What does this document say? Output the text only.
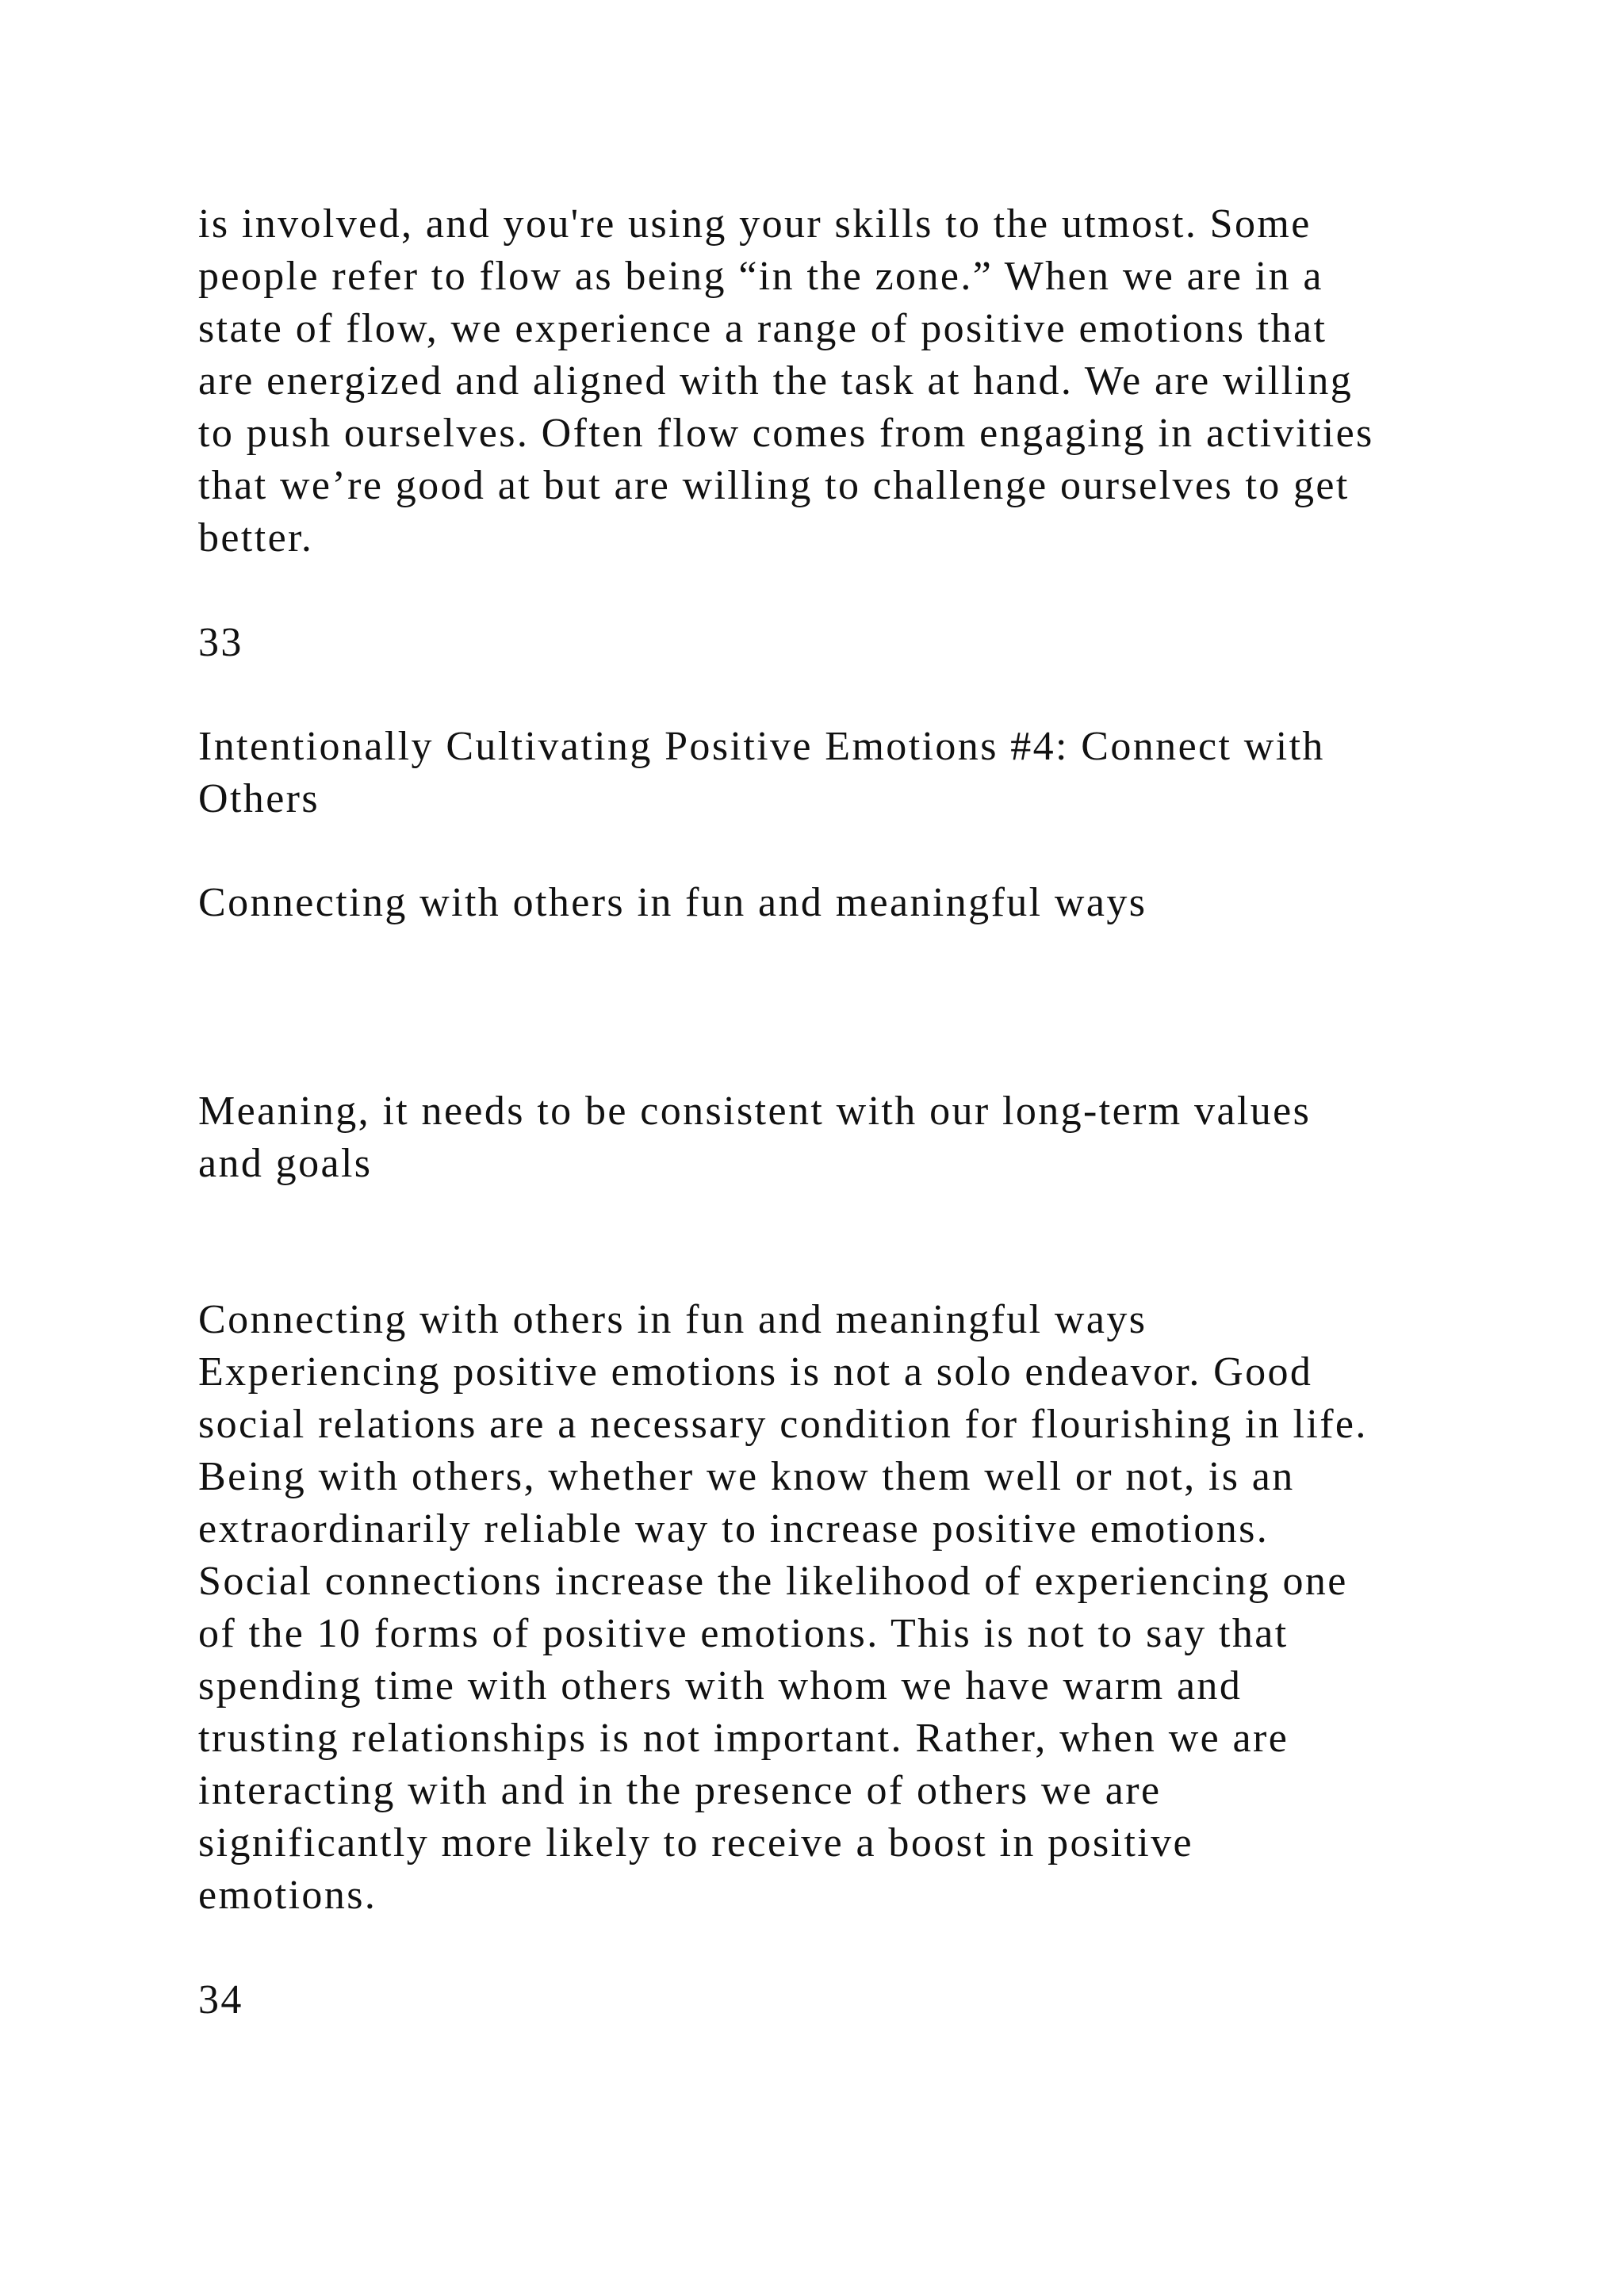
is involved, and you're using your skills to the utmost. Some

people refer to flow as being “in the zone.” When we are in a

state of flow, we experience a range of positive emotions that

are energized and aligned with the task at hand. We are willing

to push ourselves. Often flow comes from engaging in activities

that we’re good at but are willing to challenge ourselves to get

better.

33

Intentionally Cultivating Positive Emotions #4: Connect with

Others

Connecting with others in fun and meaningful ways

Meaning, it needs to be consistent with our long-term values

and goals

Connecting with others in fun and meaningful ways

Experiencing positive emotions is not a solo endeavor. Good

social relations are a necessary condition for flourishing in life.

Being with others, whether we know them well or not, is an

extraordinarily reliable way to increase positive emotions.

Social connections increase the likelihood of experiencing one

of the 10 forms of positive emotions. This is not to say that

spending time with others with whom we have warm and

trusting relationships is not important. Rather, when we are

interacting with and in the presence of others we are

significantly more likely to receive a boost in positive

emotions.

34
